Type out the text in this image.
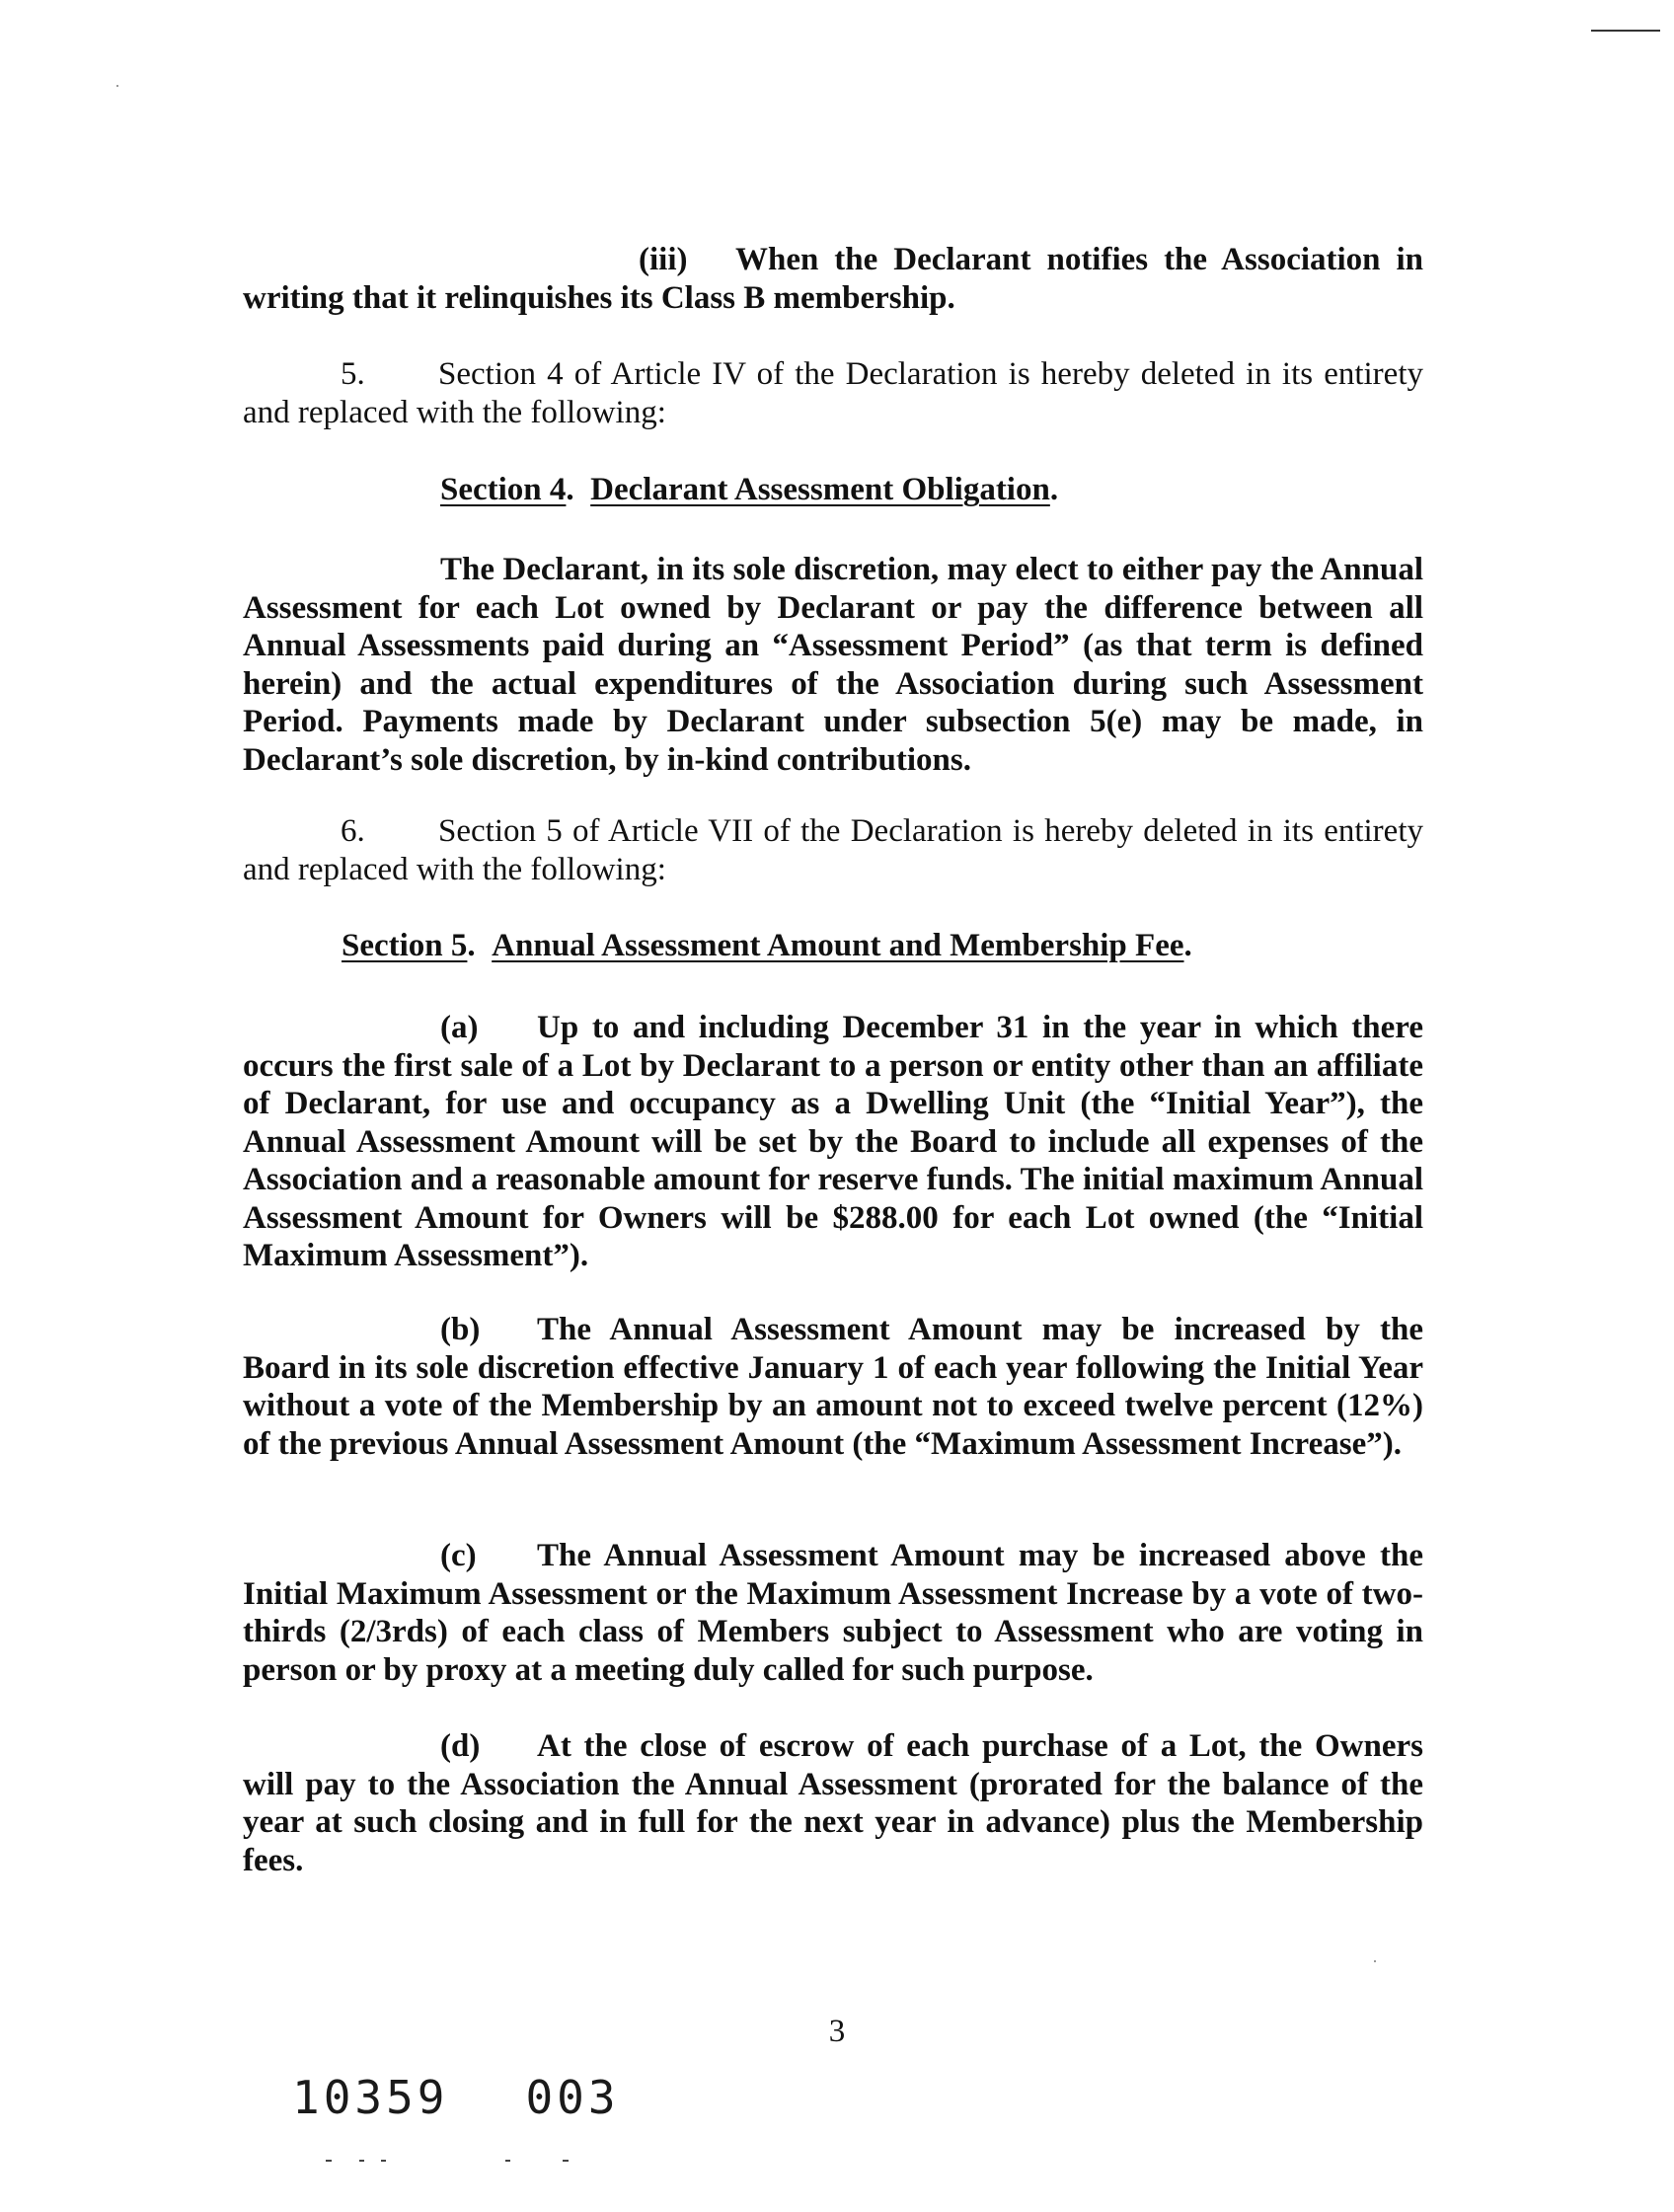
(iii) When the Declarant notifies the Association in writing that it relinquishes its Class B membership.

5. Section 4 of Article IV of the Declaration is hereby deleted in its entirety and replaced with the following:

Section 4.  Declarant Assessment Obligation.

The Declarant, in its sole discretion, may elect to either pay the Annual Assessment for each Lot owned by Declarant or pay the difference between all Annual Assessments paid during an “Assessment Period” (as that term is defined herein) and the actual expenditures of the Association during such Assessment Period. Payments made by Declarant under subsection 5(e) may be made, in Declarant’s sole discretion, by in-kind contributions.

6. Section 5 of Article VII of the Declaration is hereby deleted in its entirety and replaced with the following:

Section 5.  Annual Assessment Amount and Membership Fee.

(a) Up to and including December 31 in the year in which there occurs the first sale of a Lot by Declarant to a person or entity other than an affiliate of Declarant, for use and occupancy as a Dwelling Unit (the “Initial Year”), the Annual Assessment Amount will be set by the Board to include all expenses of the Association and a reasonable amount for reserve funds. The initial maximum Annual Assessment Amount for Owners will be $288.00 for each Lot owned (the “Initial Maximum Assessment”).

(b) The Annual Assessment Amount may be increased by the Board in its sole discretion effective January 1 of each year following the Initial Year without a vote of the Membership by an amount not to exceed twelve percent (12%) of the previous Annual Assessment Amount (the “Maximum Assessment Increase”).

(c) The Annual Assessment Amount may be increased above the Initial Maximum Assessment or the Maximum Assessment Increase by a vote of two-thirds (2/3rds) of each class of Members subject to Assessment who are voting in person or by proxy at a meeting duly called for such purpose.

(d) At the close of escrow of each purchase of a Lot, the Owners will pay to the Association the Annual Assessment (prorated for the balance of the year at such closing and in full for the next year in advance) plus the Membership fees.

3

10359 003
